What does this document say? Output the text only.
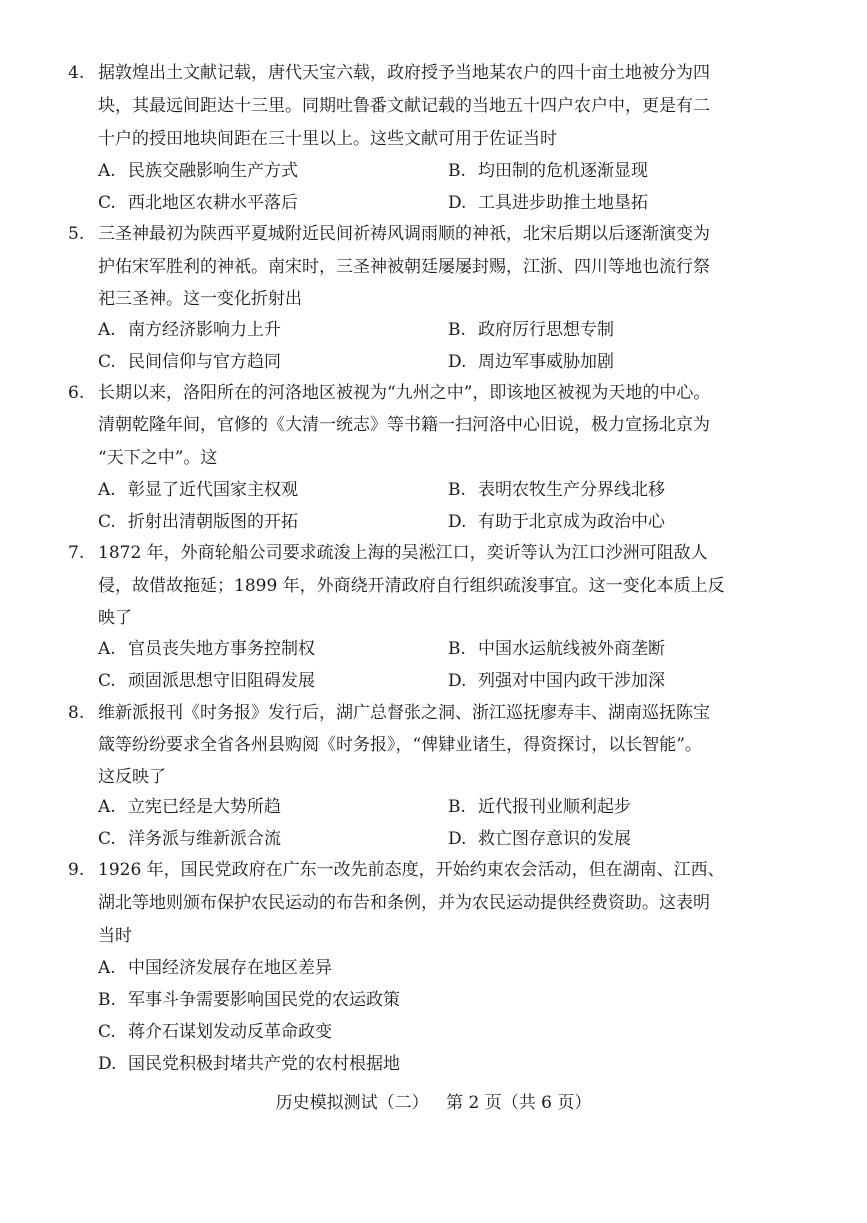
4. 据敦煌出土文献记载，唐代天宝六载，政府授予当地某农户的四十亩土地被分为四
块，其最远间距达十三里。同期吐鲁番文献记载的当地五十四户农户中，更是有二
十户的授田地块间距在三十里以上。这些文献可用于佐证当时
A. 民族交融影响生产方式	B. 均田制的危机逐渐显现
C. 西北地区农耕水平落后	D. 工具进步助推土地垦拓
5. 三圣神最初为陕西平夏城附近民间祈祷风调雨顺的神祇，北宋后期以后逐渐演变为
护佑宋军胜利的神祇。南宋时，三圣神被朝廷屡屡封赐，江浙、四川等地也流行祭
祀三圣神。这一变化折射出
A. 南方经济影响力上升	B. 政府厉行思想专制
C. 民间信仰与官方趋同	D. 周边军事威胁加剧
6. 长期以来，洛阳所在的河洛地区被视为“九州之中”，即该地区被视为天地的中心。
清朝乾隆年间，官修的《大清一统志》等书籍一扫河洛中心旧说，极力宣扬北京为
“天下之中”。这
A. 彰显了近代国家主权观	B. 表明农牧生产分界线北移
C. 折射出清朝版图的开拓	D. 有助于北京成为政治中心
7. 1872 年，外商轮船公司要求疏浚上海的吴淞江口，奕䜣等认为江口沙洲可阻敌人
侵，故借故拖延；1899 年，外商绕开清政府自行组织疏浚事宜。这一变化本质上反
映了
A. 官员丧失地方事务控制权	B. 中国水运航线被外商垄断
C. 顽固派思想守旧阻碍发展	D. 列强对中国内政干涉加深
8. 维新派报刊《时务报》发行后，湖广总督张之洞、浙江巡抚廖寿丰、湖南巡抚陈宝
箴等纷纷要求全省各州县购阅《时务报》，“俾肄业诸生，得资探讨，以长智能”。
这反映了
A. 立宪已经是大势所趋	B. 近代报刊业顺利起步
C. 洋务派与维新派合流	D. 救亡图存意识的发展
9. 1926 年，国民党政府在广东一改先前态度，开始约束农会活动，但在湖南、江西、
湖北等地则颁布保护农民运动的布告和条例，并为农民运动提供经费资助。这表明
当时
A. 中国经济发展存在地区差异
B. 军事斗争需要影响国民党的农运政策
C. 蒋介石谋划发动反革命政变
D. 国民党积极封堵共产党的农村根据地
历史模拟测试（二） 第 2 页（共 6 页）
